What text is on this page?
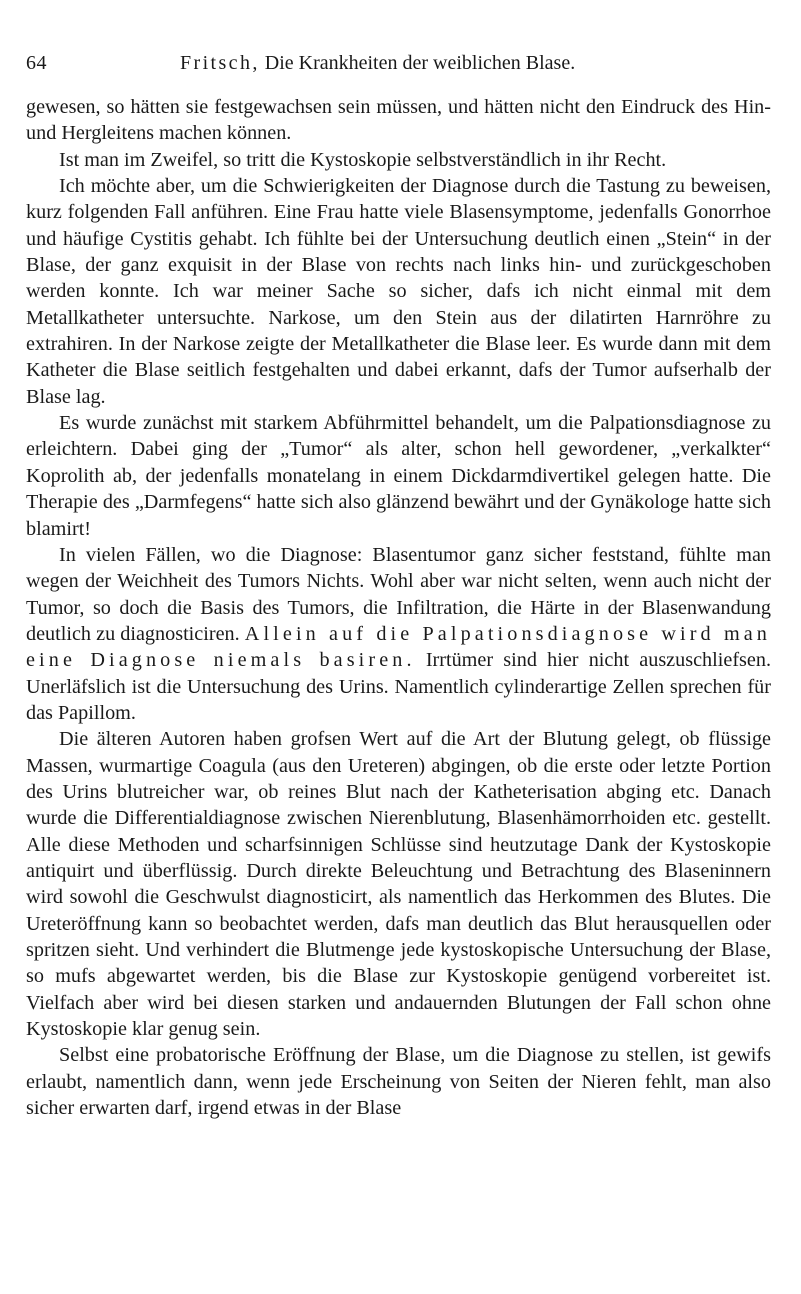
64	Fritsch, Die Krankheiten der weiblichen Blase.

gewesen, so hätten sie festgewachsen sein müssen, und hätten nicht den Eindruck des Hin- und Hergleitens machen können.

Ist man im Zweifel, so tritt die Kystoskopie selbstverständlich in ihr Recht.

Ich möchte aber, um die Schwierigkeiten der Diagnose durch die Tastung zu beweisen, kurz folgenden Fall anführen. Eine Frau hatte viele Blasensymptome, jedenfalls Gonorrhoe und häufige Cystitis gehabt. Ich fühlte bei der Untersuchung deutlich einen „Stein“ in der Blase, der ganz exquisit in der Blase von rechts nach links hin- und zurückgeschoben werden konnte. Ich war meiner Sache so sicher, dafs ich nicht einmal mit dem Metallkatheter untersuchte. Narkose, um den Stein aus der dilatirten Harnröhre zu extrahiren. In der Narkose zeigte der Metallkatheter die Blase leer. Es wurde dann mit dem Katheter die Blase seitlich festgehalten und dabei erkannt, dafs der Tumor aufserhalb der Blase lag.

Es wurde zunächst mit starkem Abführmittel behandelt, um die Palpationsdiagnose zu erleichtern. Dabei ging der „Tumor“ als alter, schon hell gewordener, „verkalkter“ Koprolith ab, der jedenfalls monatelang in einem Dickdarmdivertikel gelegen hatte. Die Therapie des „Darmfegens“ hatte sich also glänzend bewährt und der Gynäkologe hatte sich blamirt!

In vielen Fällen, wo die Diagnose: Blasentumor ganz sicher feststand, fühlte man wegen der Weichheit des Tumors Nichts. Wohl aber war nicht selten, wenn auch nicht der Tumor, so doch die Basis des Tumors, die Infiltration, die Härte in der Blasenwandung deutlich zu diagnosticiren. Allein auf die Palpationsdiagnose wird man eine Diagnose niemals basiren. Irrtümer sind hier nicht auszuschliefsen. Unerläfslich ist die Untersuchung des Urins. Namentlich cylinderartige Zellen sprechen für das Papillom.

Die älteren Autoren haben grofsen Wert auf die Art der Blutung gelegt, ob flüssige Massen, wurmartige Coagula (aus den Ureteren) abgingen, ob die erste oder letzte Portion des Urins blutreicher war, ob reines Blut nach der Katheterisation abging etc. Danach wurde die Differentialdiagnose zwischen Nierenblutung, Blasenhämorrhoiden etc. gestellt. Alle diese Methoden und scharfsinnigen Schlüsse sind heutzutage Dank der Kystoskopie antiquirt und überflüssig. Durch direkte Beleuchtung und Betrachtung des Blaseninnern wird sowohl die Geschwulst diagnosticirt, als namentlich das Herkommen des Blutes. Die Ureteröffnung kann so beobachtet werden, dafs man deutlich das Blut herausquellen oder spritzen sieht. Und verhindert die Blutmenge jede kystoskopische Untersuchung der Blase, so mufs abgewartet werden, bis die Blase zur Kystoskopie genügend vorbereitet ist. Vielfach aber wird bei diesen starken und andauernden Blutungen der Fall schon ohne Kystoskopie klar genug sein.

Selbst eine probatorische Eröffnung der Blase, um die Diagnose zu stellen, ist gewifs erlaubt, namentlich dann, wenn jede Erscheinung von Seiten der Nieren fehlt, man also sicher erwarten darf, irgend etwas in der Blase
